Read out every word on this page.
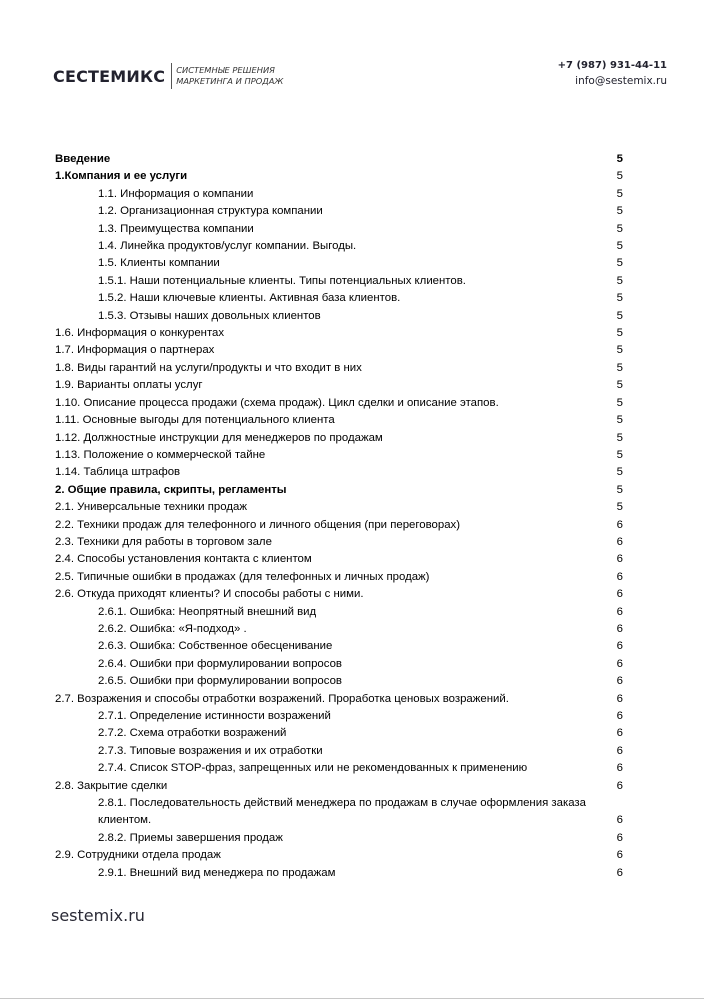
СЕСТЕМИКС СИСТЕМНЫЕ РЕШЕНИЯ
МАРКЕТИНГА И ПРОДАЖ
+7 (987) 931-44-11
info@sestemix.ru
Введение	5
1.Компания и ее услуги	5
1.1. Информация о компании	5
1.2. Организационная структура компании	5
1.3. Преимущества компании	5
1.4. Линейка продуктов/услуг компании. Выгоды.	5
1.5. Клиенты компании	5
1.5.1. Наши потенциальные клиенты. Типы потенциальных клиентов.	5
1.5.2. Наши ключевые клиенты. Активная база клиентов.	5
1.5.3. Отзывы наших довольных клиентов	5
1.6. Информация о конкурентах	5
1.7. Информация о партнерах	5
1.8. Виды гарантий на услуги/продукты и что входит в них	5
1.9. Варианты оплаты услуг	5
1.10. Описание процесса продажи (схема продаж). Цикл сделки и описание этапов.	5
1.11. Основные выгоды для потенциального клиента	5
1.12. Должностные инструкции для менеджеров по продажам	5
1.13. Положение о коммерческой тайне	5
1.14. Таблица штрафов	5
2. Общие правила, скрипты, регламенты	5
2.1. Универсальные техники продаж	5
2.2. Техники продаж для телефонного и личного общения (при переговорах)	6
2.3. Техники для работы в торговом зале	6
2.4. Способы установления контакта с клиентом	6
2.5. Типичные ошибки в продажах (для телефонных и личных продаж)	6
2.6. Откуда приходят клиенты? И способы работы с ними.	6
2.6.1. Ошибка: Неопрятный внешний вид	6
2.6.2. Ошибка: «Я-подход» .	6
2.6.3. Ошибка: Собственное обесценивание	6
2.6.4. Ошибки при формулировании вопросов	6
2.6.5. Ошибки при формулировании вопросов	6
2.7. Возражения и способы отработки возражений. Проработка ценовых возражений.	6
2.7.1. Определение истинности возражений	6
2.7.2. Схема отработки возражений	6
2.7.3. Типовые возражения и их отработки	6
2.7.4. Список STOP-фраз, запрещенных или не рекомендованных к применению	6
2.8. Закрытие сделки	6
2.8.1. Последовательность действий менеджера по продажам в случае оформления заказа клиентом.	6
2.8.2. Приемы завершения продаж	6
2.9. Сотрудники отдела продаж	6
2.9.1. Внешний вид менеджера по продажам	6
sestemix.ru
